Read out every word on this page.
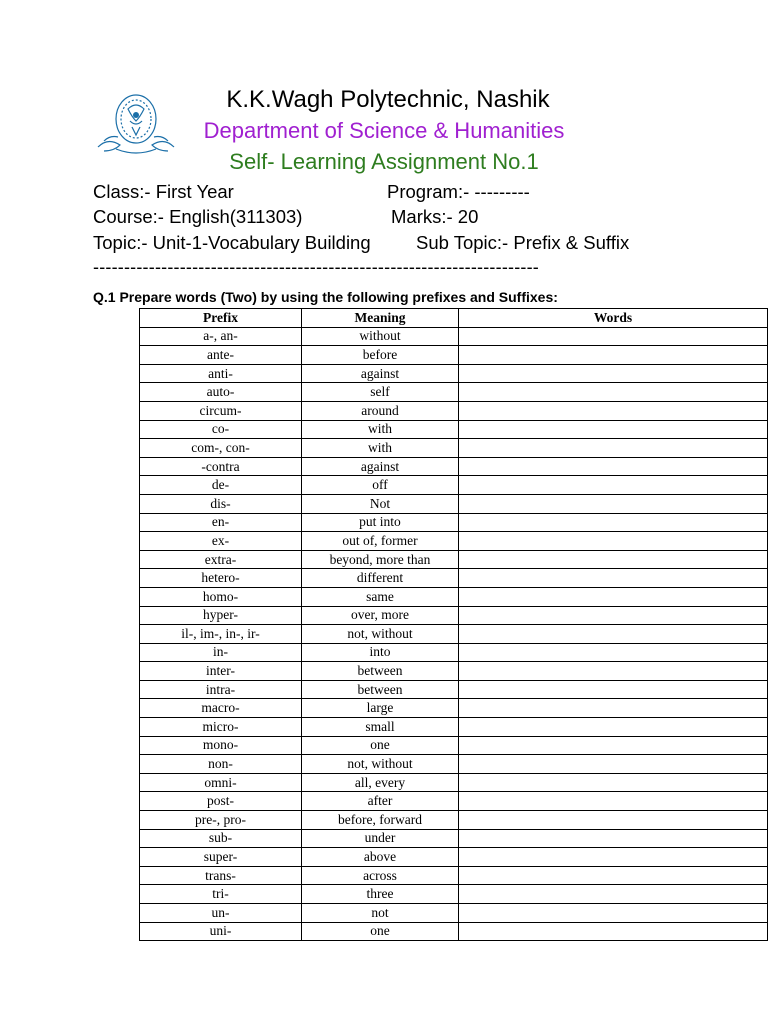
K.K.Wagh Polytechnic, Nashik
Department of Science & Humanities
Self- Learning Assignment No.1
Class:- First Year	Program:- ---------
Course:- English(311303)	Marks:- 20
Topic:- Unit-1-Vocabulary Building Sub Topic:- Prefix & Suffix
------------------------------------------------------------------------
Q.1 Prepare words (Two) by using the following prefixes and Suffixes:
Prefix	Meaning	Words
a-, an-	without	
ante-	before	
anti-	against	
auto-	self	
circum-	around	
co-	with	
com-, con-	with	
-contra	against	
de-	off	
dis-	Not	
en-	put into	
ex-	out of, former	
extra-	beyond, more than	
hetero-	different	
homo-	same	
hyper-	over, more	
il-, im-, in-, ir-	not, without	
in-	into	
inter-	between	
intra-	between	
macro-	large	
micro-	small	
mono-	one	
non-	not, without	
omni-	all, every	
post-	after	
pre-, pro-	before, forward	
sub-	under	
super-	above	
trans-	across	
tri-	three	
un-	not	
uni-	one	
